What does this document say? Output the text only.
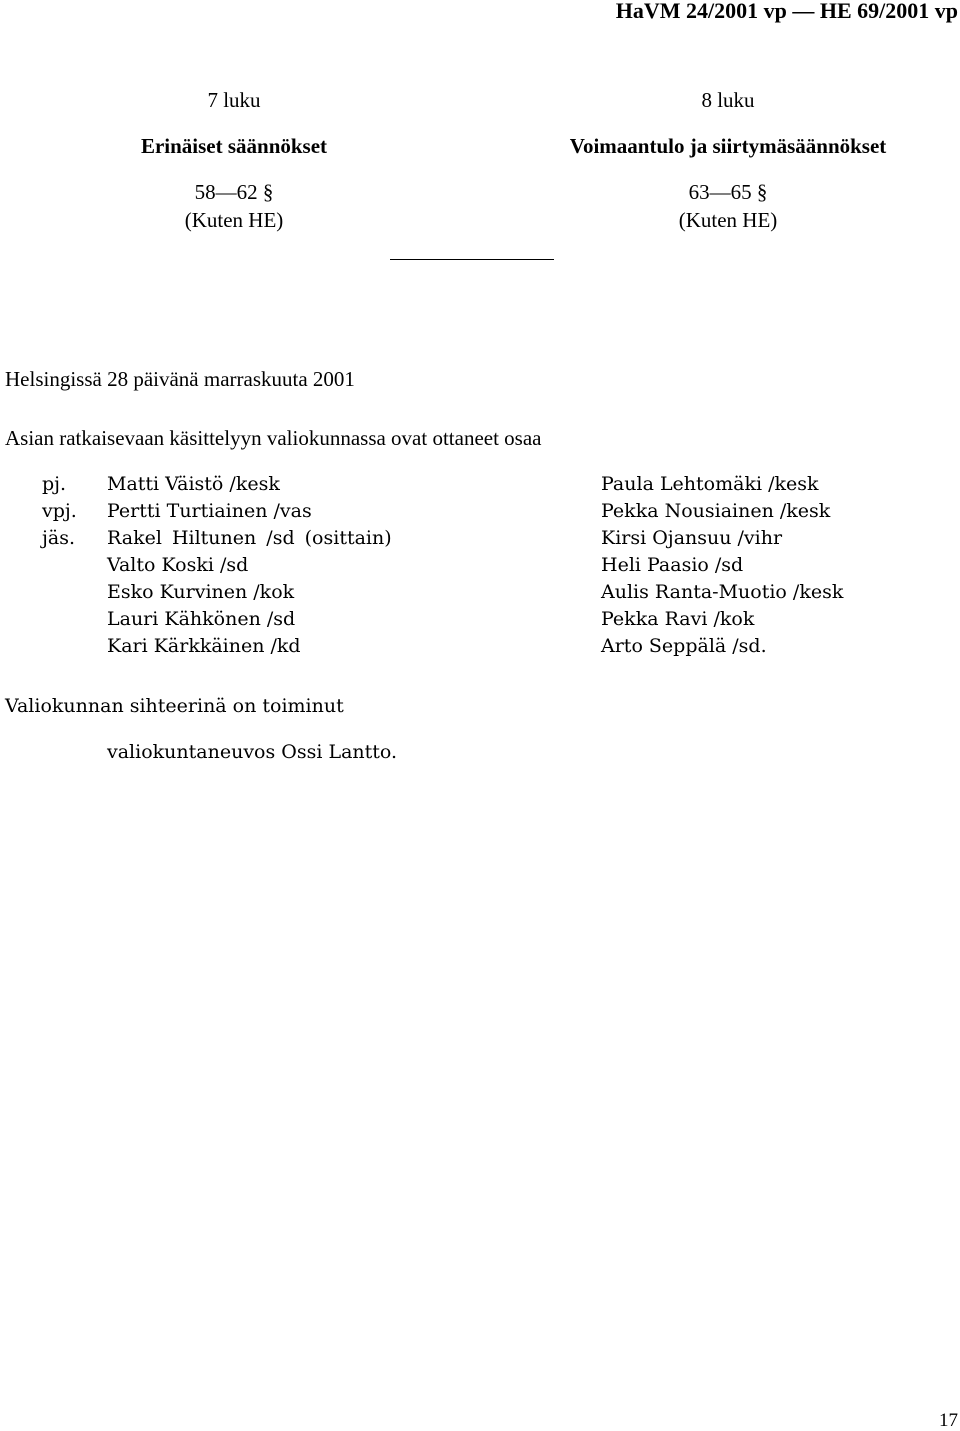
HaVM 24/2001 vp — HE 69/2001 vp
7 luku
Erinäiset säännökset
58—62 §
(Kuten HE)
8 luku
Voimaantulo ja siirtymäsäännökset
63—65 §
(Kuten HE)
Helsingissä 28 päivänä marraskuuta 2001
Asian ratkaisevaan käsittelyyn valiokunnassa ovat ottaneet osaa
pj.
vpj.
jäs.
Matti Väistö /kesk
Pertti Turtiainen /vas
Rakel Hiltunen /sd (osittain)
Valto Koski /sd
Esko Kurvinen /kok
Lauri Kähkönen /sd
Kari Kärkkäinen /kd
Paula Lehtomäki /kesk
Pekka Nousiainen /kesk
Kirsi Ojansuu /vihr
Heli Paasio /sd
Aulis Ranta-Muotio /kesk
Pekka Ravi /kok
Arto Seppälä /sd.
Valiokunnan sihteerinä on toiminut
valiokuntaneuvos Ossi Lantto.
17
